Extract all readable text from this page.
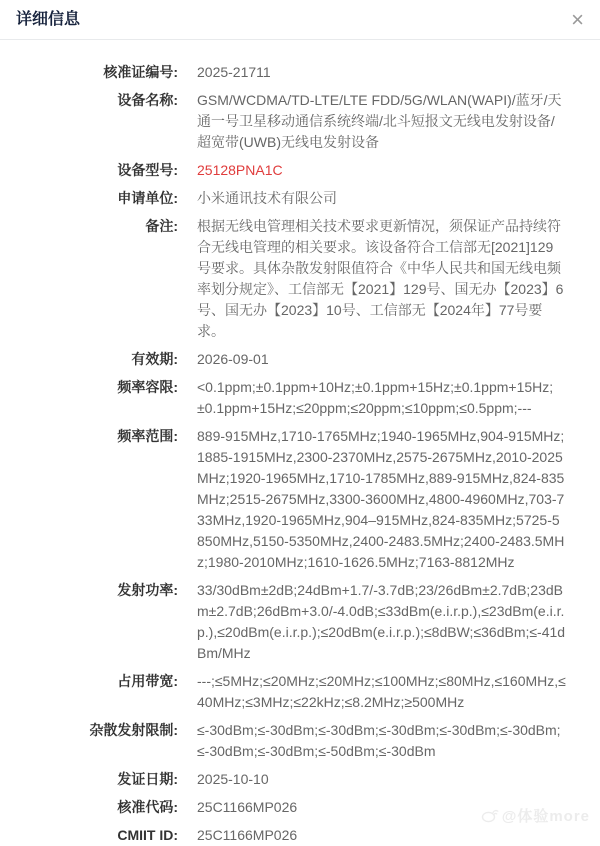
详细信息	×
核准证编号: 2025-21711
设备名称: GSM/WCDMA/TD-LTE/LTE FDD/5G/WLAN(WAPI)/蓝牙/天通一号卫星移动通信系统终端/北斗短报文无线电发射设备/超宽带(UWB)无线电发射设备
设备型号: 25128PNA1C
申请单位: 小米通讯技术有限公司
备注: 根据无线电管理相关技术要求更新情况，须保证产品持续符合无线电管理的相关要求。该设备符合工信部无[2021]129号要求。具体杂散发射限值符合《中华人民共和国无线电频率划分规定》、工信部无【2021】129号、国无办【2023】6号、国无办【2023】10号、工信部无【2024年】77号要求。
有效期: 2026-09-01
频率容限: <0.1ppm;±0.1ppm+10Hz;±0.1ppm+15Hz;±0.1ppm+15Hz;±0.1ppm+15Hz;≤20ppm;≤20ppm;≤10ppm;≤0.5ppm;---
频率范围: 889-915MHz,1710-1765MHz;1940-1965MHz,904-915MHz;1885-1915MHz,2300-2370MHz,2575-2675MHz,2010-2025MHz;1920-1965MHz,1710-1785MHz,889-915MHz,824-835MHz;2515-2675MHz,3300-3600MHz,4800-4960MHz,703-733MHz,1920-1965MHz,904–915MHz,824-835MHz;5725-5850MHz,5150-5350MHz,2400-2483.5MHz;2400-2483.5MHz;1980-2010MHz;1610-1626.5MHz;7163-8812MHz
发射功率: 33/30dBm±2dB;24dBm+1.7/-3.7dB;23/26dBm±2.7dB;23dBm±2.7dB;26dBm+3.0/-4.0dB;≤33dBm(e.i.r.p.),≤23dBm(e.i.r.p.),≤20dBm(e.i.r.p.);≤20dBm(e.i.r.p.);≤8dBW;≤36dBm;≤-41dBm/MHz
占用带宽: ---;≤5MHz;≤20MHz;≤20MHz;≤100MHz;≤80MHz,≤160MHz,≤40MHz;≤3MHz;≤22kHz;≤8.2MHz;≥500MHz
杂散发射限制: ≤-30dBm;≤-30dBm;≤-30dBm;≤-30dBm;≤-30dBm;≤-30dBm;≤-30dBm;≤-30dBm;≤-50dBm;≤-30dBm
发证日期: 2025-10-10
核准代码: 25C1166MP026
CMIIT ID: 25C1166MP026
@体验more
